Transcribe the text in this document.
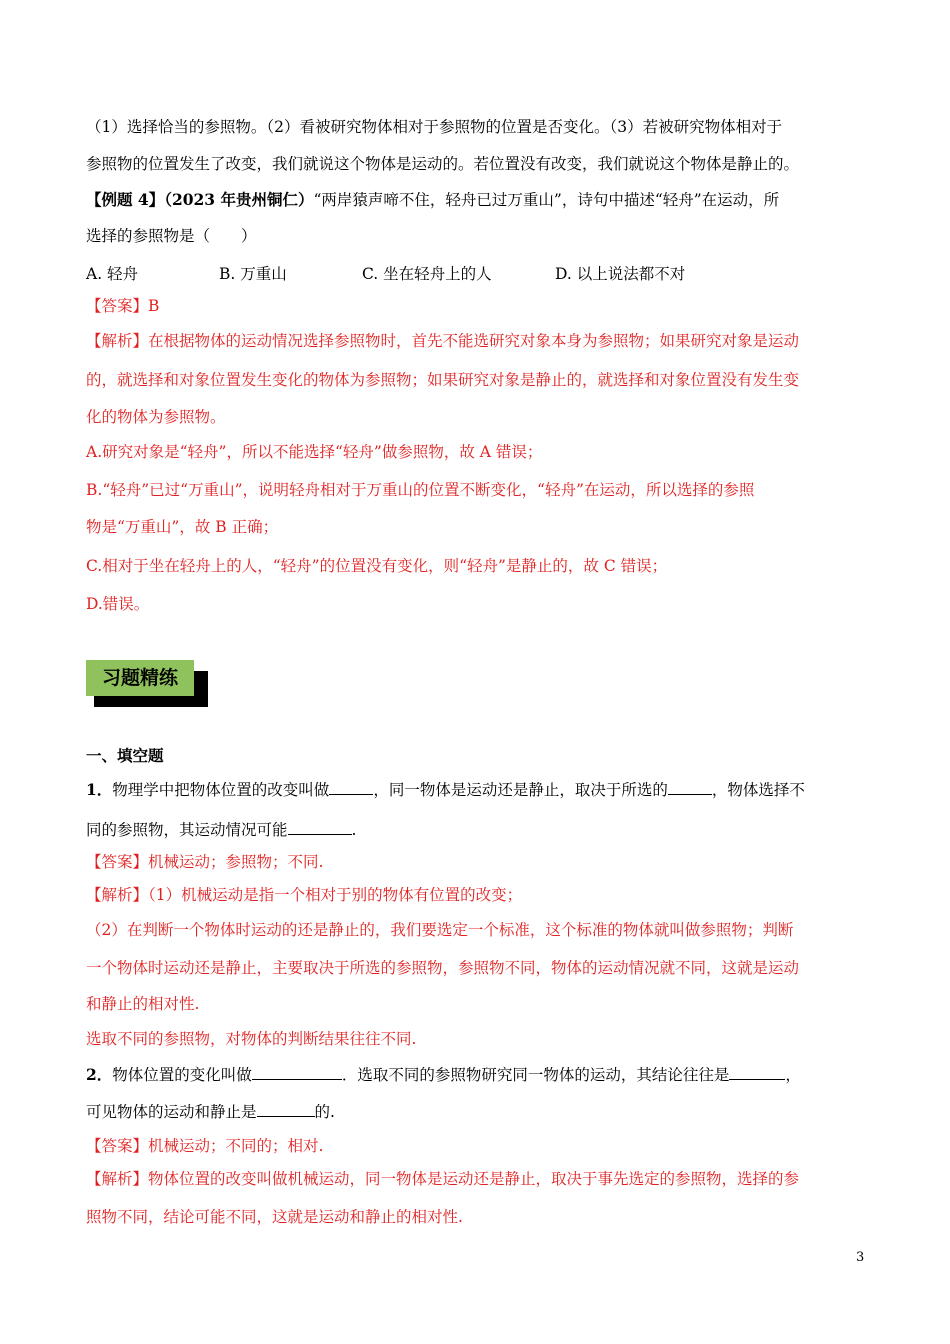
（1）选择恰当的参照物。（2）看被研究物体相对于参照物的位置是否变化。（3）若被研究物体相对于
参照物的位置发生了改变，我们就说这个物体是运动的。若位置没有改变，我们就说这个物体是静止的。
【例题 4】（2023 年贵州铜仁）“两岸猿声啼不住，轻舟已过万重山”，诗句中描述“轻舟”在运动，所
选择的参照物是（　　）
A. 轻舟	B. 万重山	C. 坐在轻舟上的人	D. 以上说法都不对
【答案】B
【解析】在根据物体的运动情况选择参照物时，首先不能选研究对象本身为参照物；如果研究对象是运动
的，就选择和对象位置发生变化的物体为参照物；如果研究对象是静止的，就选择和对象位置没有发生变
化的物体为参照物。
A.研究对象是“轻舟”，所以不能选择“轻舟”做参照物，故 A 错误；
B.“轻舟”已过“万重山”，说明轻舟相对于万重山的位置不断变化，“轻舟”在运动，所以选择的参照
物是“万重山”，故 B 正确；
C.相对于坐在轻舟上的人，“轻舟”的位置没有变化，则“轻舟”是静止的，故 C 错误；
D.错误。
习题精练
一、填空题
1．物理学中把物体位置的改变叫做	，同一物体是运动还是静止，取决于所选的	，物体选择不
同的参照物，其运动情况可能	.
【答案】机械运动；参照物；不同.
【解析】（1）机械运动是指一个相对于别的物体有位置的改变；
（2）在判断一个物体时运动的还是静止的，我们要选定一个标准，这个标准的物体就叫做参照物；判断
一个物体时运动还是静止，主要取决于所选的参照物，参照物不同，物体的运动情况就不同，这就是运动
和静止的相对性.
选取不同的参照物，对物体的判断结果往往不同.
2．物体位置的变化叫做	．选取不同的参照物研究同一物体的运动，其结论往往是	，
可见物体的运动和静止是	的.
【答案】机械运动；不同的；相对.
【解析】物体位置的改变叫做机械运动，同一物体是运动还是静止，取决于事先选定的参照物，选择的参
照物不同，结论可能不同，这就是运动和静止的相对性.
3
